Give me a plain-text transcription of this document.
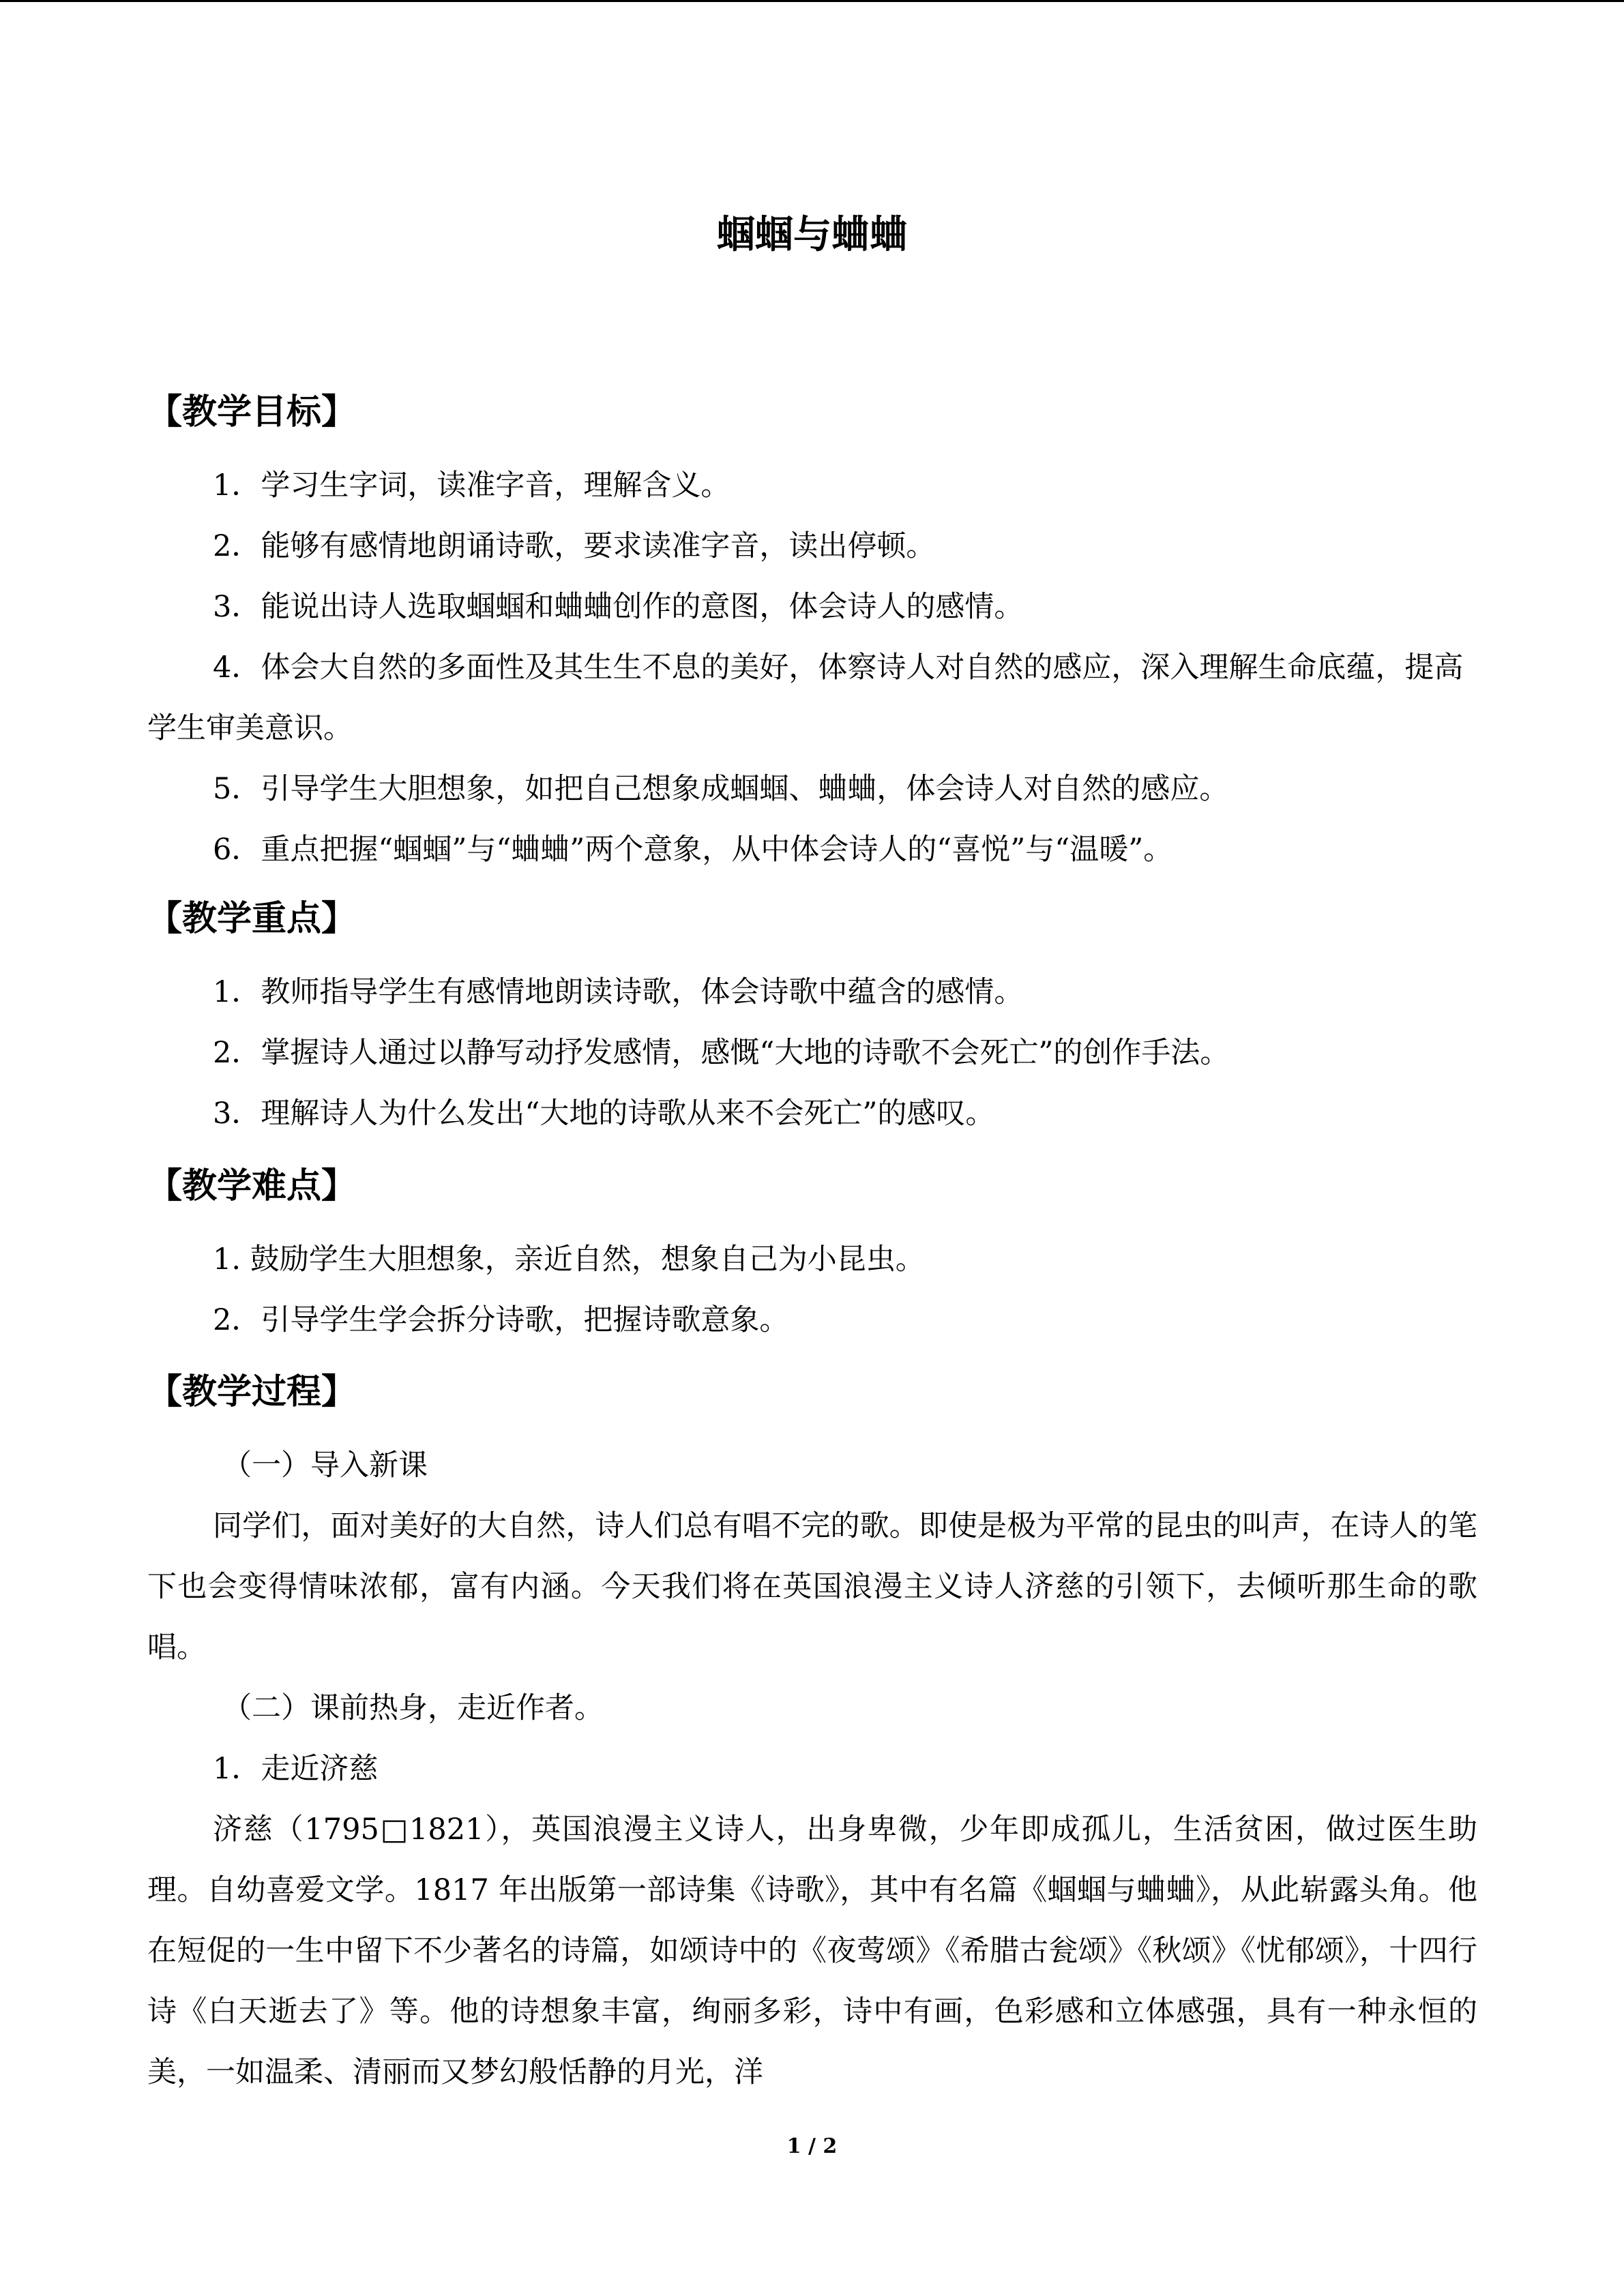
蝈蝈与蛐蛐

【教学目标】

1．学习生字词，读准字音，理解含义。

2．能够有感情地朗诵诗歌，要求读准字音，读出停顿。

3．能说出诗人选取蝈蝈和蛐蛐创作的意图，体会诗人的感情。

4．体会大自然的多面性及其生生不息的美好，体察诗人对自然的感应，深入理解生命底蕴，提高学生审美意识。

5．引导学生大胆想象，如把自己想象成蝈蝈、蛐蛐，体会诗人对自然的感应。

6．重点把握“蝈蝈”与“蛐蛐”两个意象，从中体会诗人的“喜悦”与“温暖”。

【教学重点】

1．教师指导学生有感情地朗读诗歌，体会诗歌中蕴含的感情。

2．掌握诗人通过以静写动抒发感情，感慨“大地的诗歌不会死亡”的创作手法。

3．理解诗人为什么发出“大地的诗歌从来不会死亡”的感叹。

【教学难点】

1. 鼓励学生大胆想象，亲近自然，想象自己为小昆虫。

2．引导学生学会拆分诗歌，把握诗歌意象。

【教学过程】

（一）导入新课

同学们，面对美好的大自然，诗人们总有唱不完的歌。即使是极为平常的昆虫的叫声，在诗人的笔下也会变得情味浓郁，富有内涵。今天我们将在英国浪漫主义诗人济慈的引领下，去倾听那生命的歌唱。

（二）课前热身，走近作者。

1．走近济慈

济慈（1795□1821），英国浪漫主义诗人，出身卑微，少年即成孤儿，生活贫困，做过医生助理。自幼喜爱文学。1817 年出版第一部诗集《诗歌》，其中有名篇《蝈蝈与蛐蛐》，从此崭露头角。他在短促的一生中留下不少著名的诗篇，如颂诗中的《夜莺颂》《希腊古瓮颂》《秋颂》《忧郁颂》，十四行诗《白天逝去了》等。他的诗想象丰富，绚丽多彩，诗中有画，色彩感和立体感强，具有一种永恒的美，一如温柔、清丽而又梦幻般恬静的月光，洋

1 / 2
